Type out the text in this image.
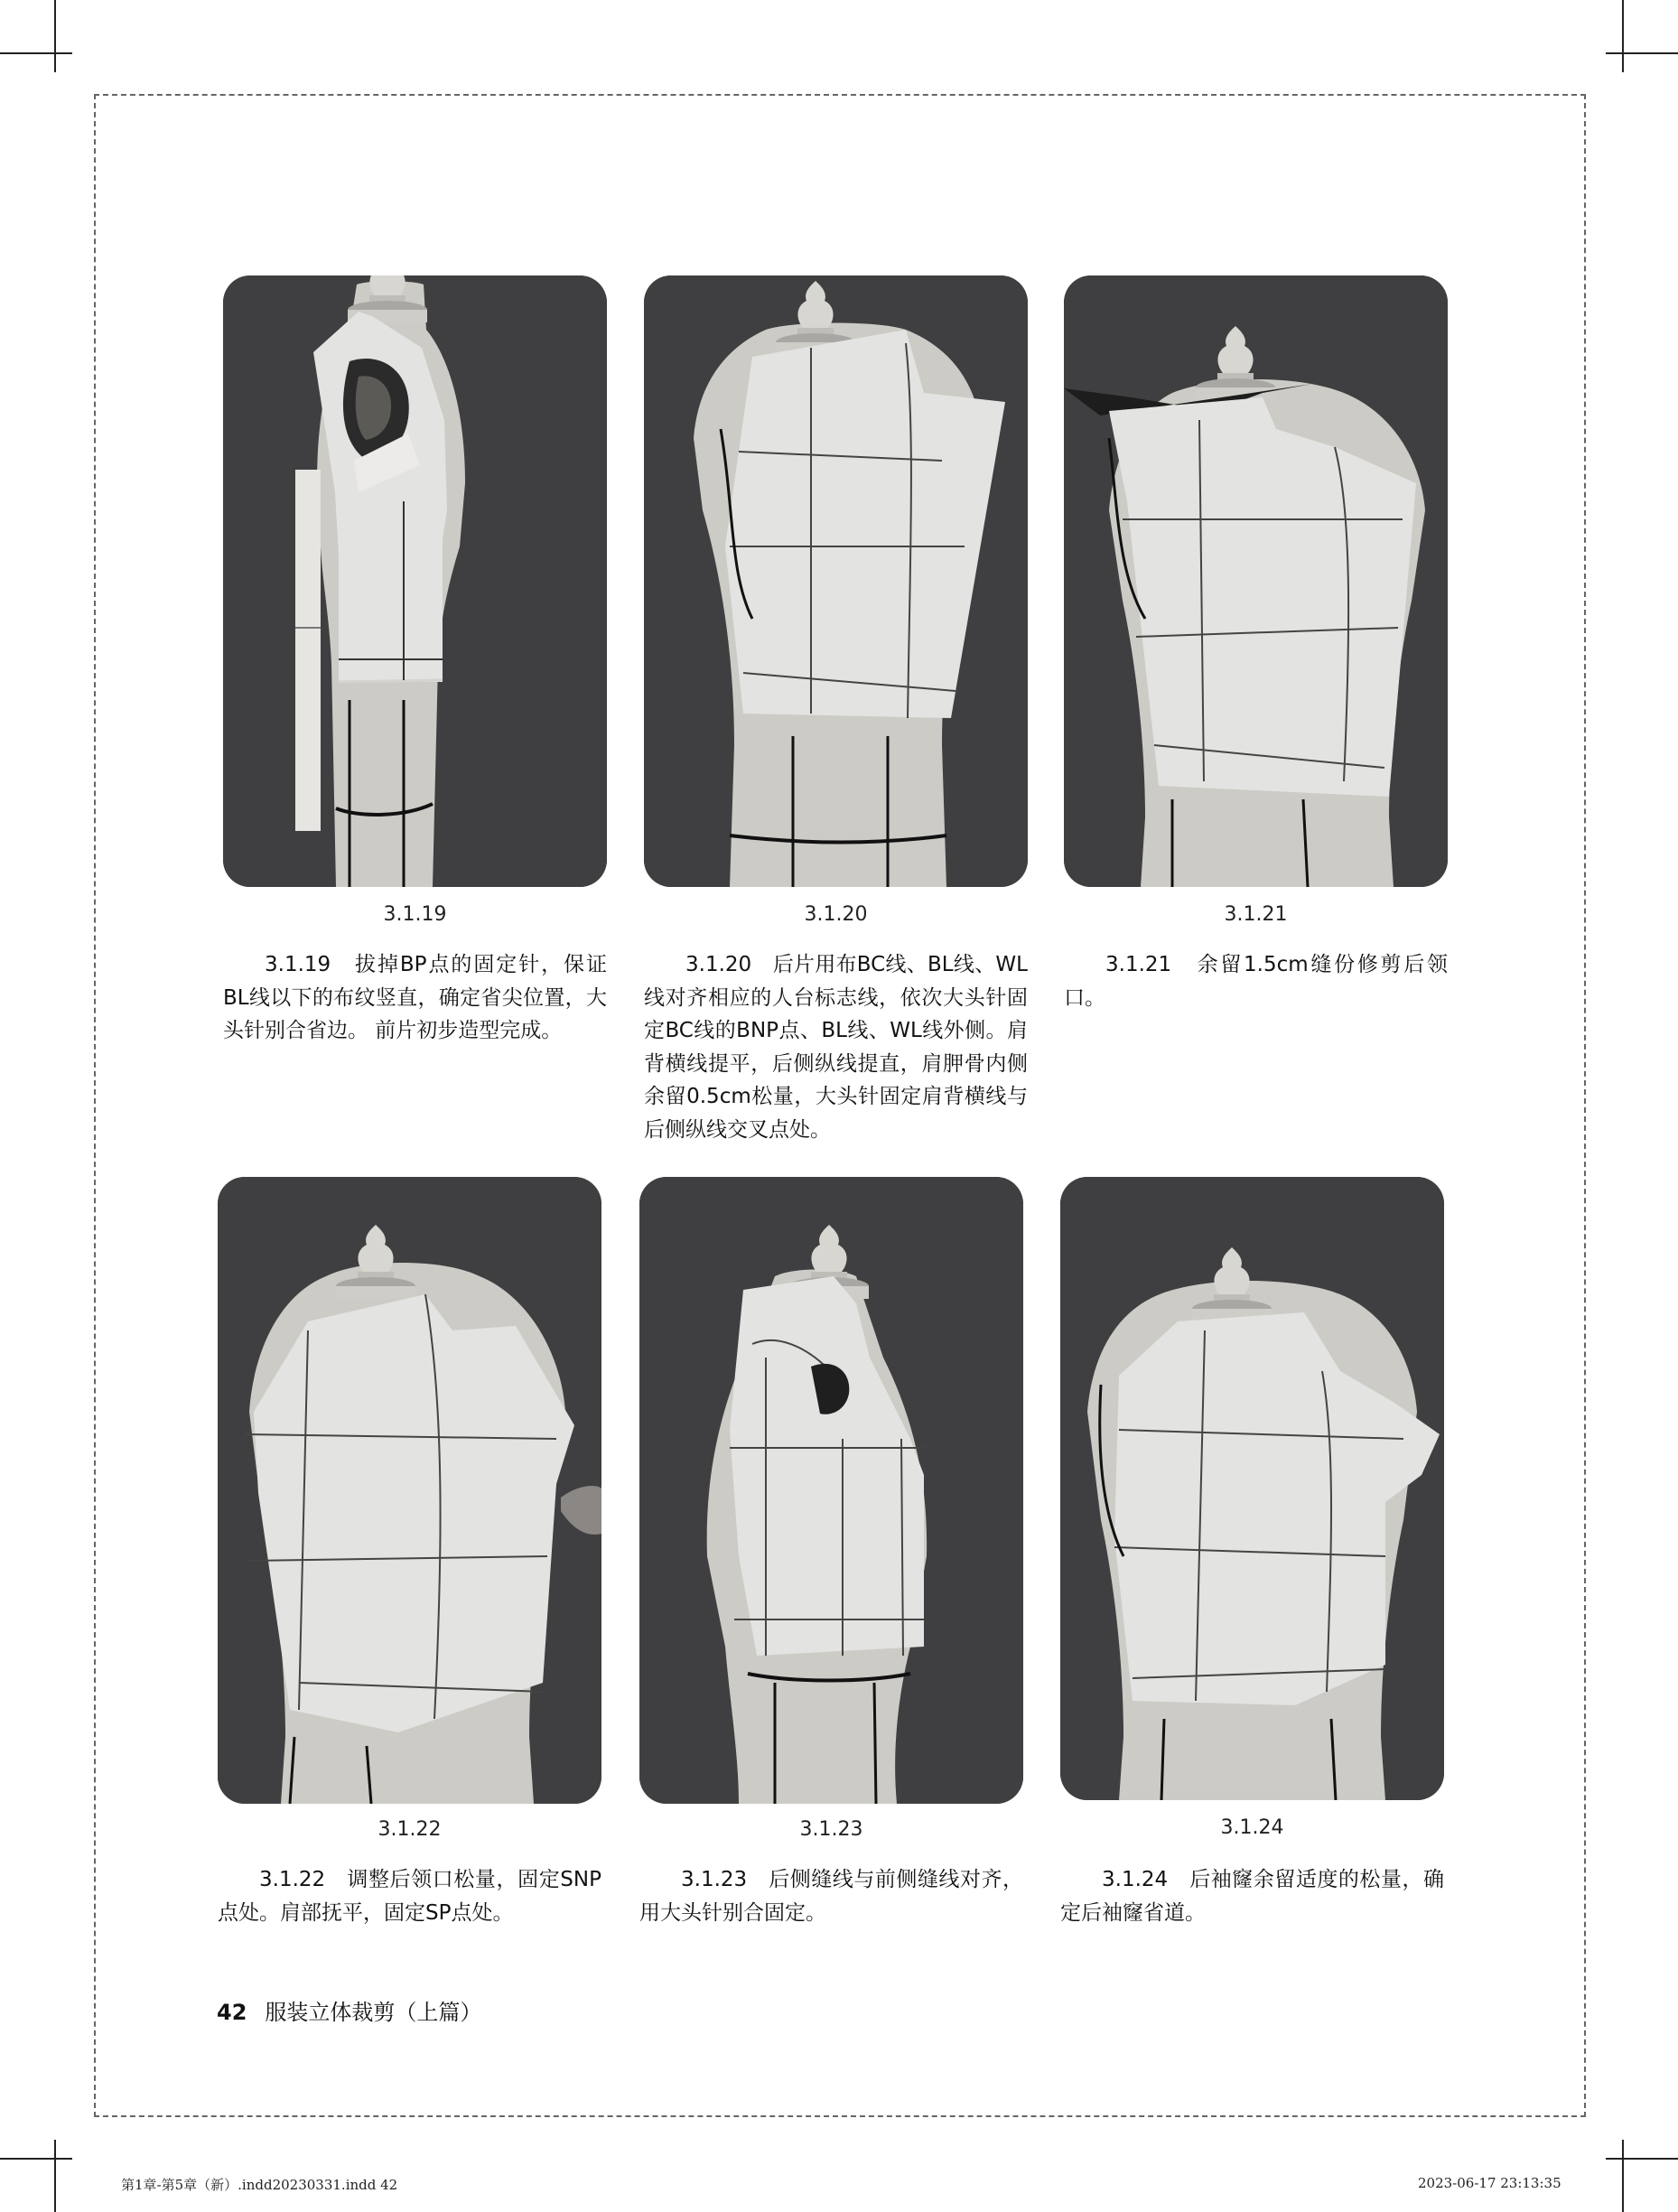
3.1.19

3.1.19　拔掉BP点的固定针，保证BL线以下的布纹竖直，确定省尖位置，大头针别合省边。 前片初步造型完成。

3.1.20

3.1.20　后片用布BC线、BL线、WL线对齐相应的人台标志线，依次大头针固定BC线的BNP点、BL线、WL线外侧。肩背横线提平，后侧纵线提直，肩胛骨内侧余留0.5cm松量，大头针固定肩背横线与后侧纵线交叉点处。

3.1.21

3.1.21　余留1.5cm缝份修剪后领口。

3.1.22

3.1.22　调整后领口松量，固定SNP点处。肩部抚平，固定SP点处。

3.1.23

3.1.23　后侧缝线与前侧缝线对齐，用大头针别合固定。

3.1.24

3.1.24　后袖窿余留适度的松量，确定后袖窿省道。

42 服装立体裁剪（上篇）
第1章-第5章（新）.indd20230331.indd 42	2023-06-17 23:13:35
